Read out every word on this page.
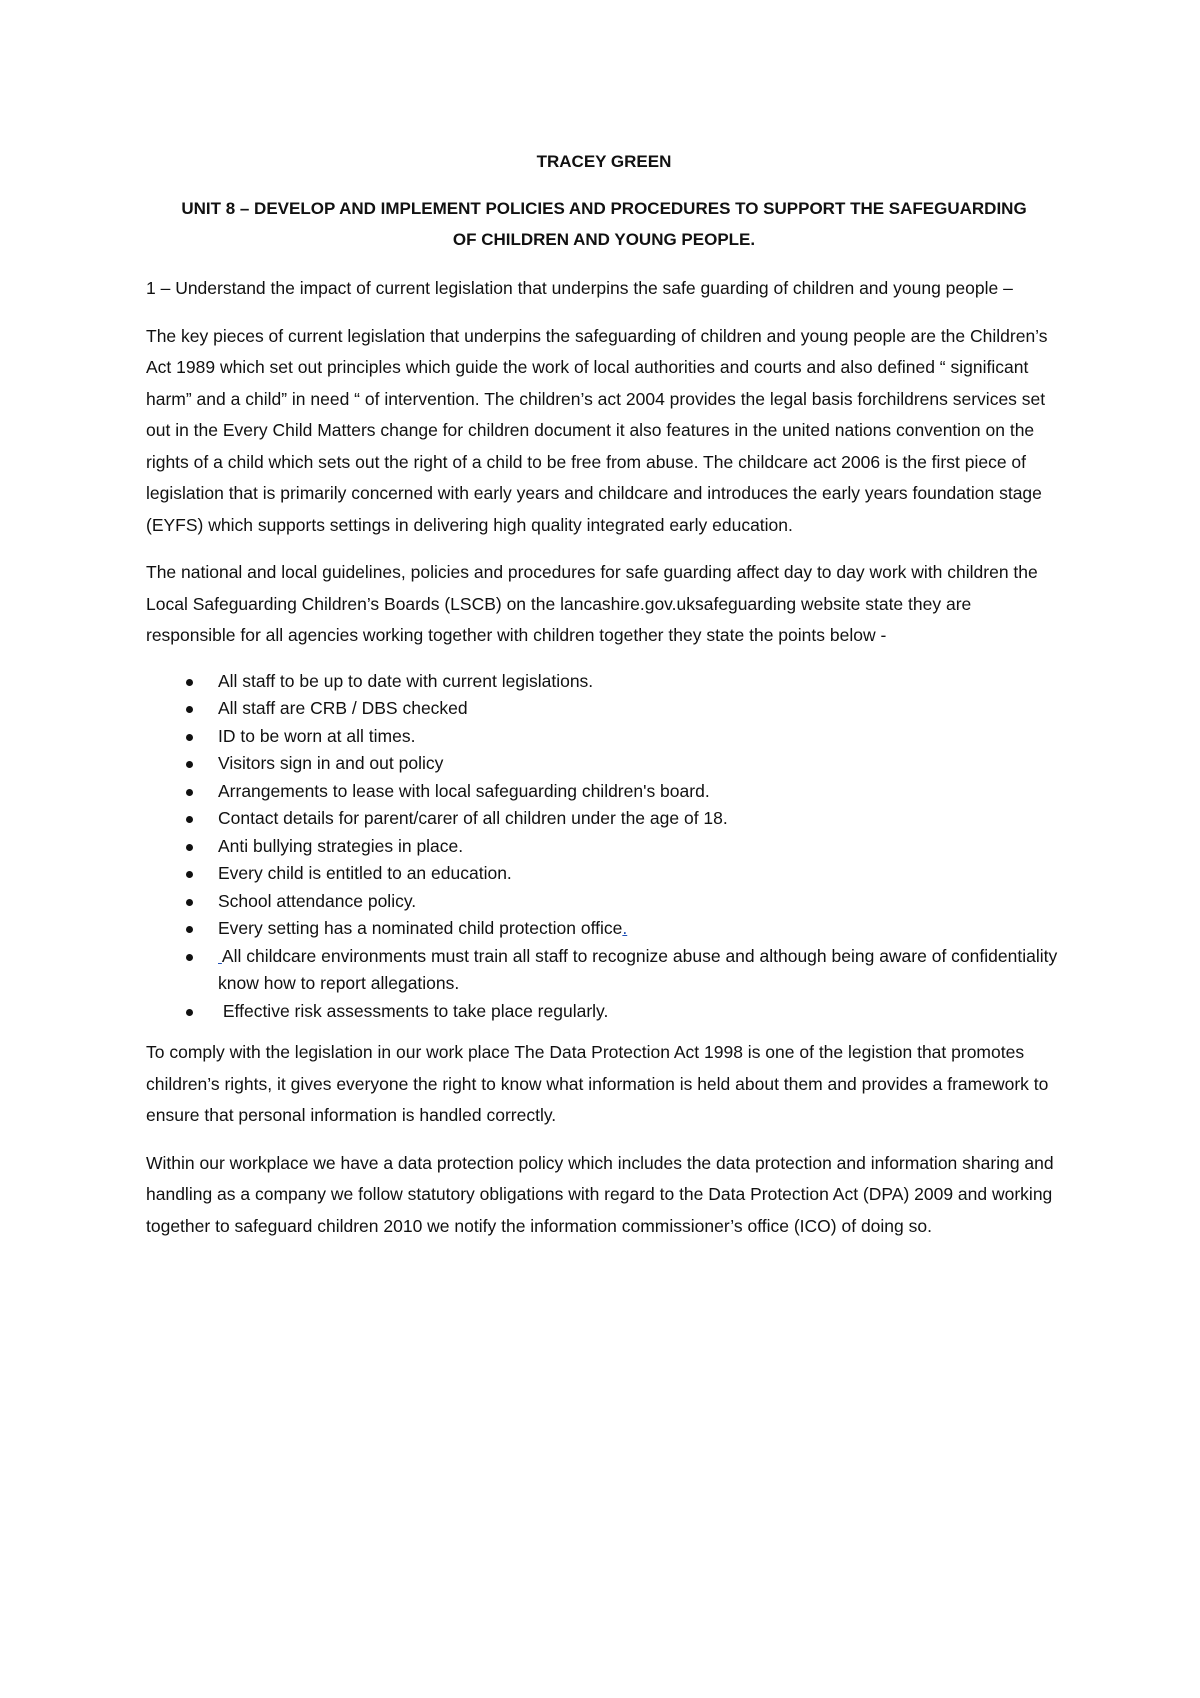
TRACEY GREEN

UNIT 8 – DEVELOP AND IMPLEMENT POLICIES AND PROCEDURES TO SUPPORT THE SAFEGUARDING

OF CHILDREN AND YOUNG PEOPLE.

1 – Understand the impact of current legislation that underpins the safe guarding of children and young people –

The key pieces of current legislation that underpins the safeguarding of children and young people are the Children’s Act 1989 which set out principles which guide the work of local authorities and courts and also defined “ significant harm” and a child” in need “ of intervention. The children’s act 2004 provides the legal basis forchildrens services set out in the Every Child Matters change for children document it also features in the united nations convention on the rights of a child which sets out the right of a child to be free from abuse. The childcare act 2006 is the first piece of legislation that is primarily concerned with early years and childcare and introduces the early years foundation stage (EYFS) which supports settings in delivering high quality integrated early education.

The national and local guidelines, policies and procedures for safe guarding affect day to day work with children the Local Safeguarding Children’s Boards (LSCB) on the lancashire.gov.uksafeguarding website state they are responsible for all agencies working together with children together they state the points below -

All staff to be up to date with current legislations.
All staff are CRB / DBS checked
ID to be worn at all times.
Visitors sign in and out policy
Arrangements to lease with local safeguarding children's board.
Contact details for parent/carer of all children under the age of 18.
Anti bullying strategies in place.
Every child is entitled to an education.
School attendance policy.
Every setting has a nominated child protection office.
All childcare environments must train all staff to recognize abuse and although being aware of confidentiality know how to report allegations.
Effective risk assessments to take place regularly.

To comply with the legislation in our work place The Data Protection Act 1998 is one of the legistion that promotes children’s rights, it gives everyone the right to know what information is held about them and provides a framework to ensure that personal information is handled correctly.

Within our workplace we have a data protection policy which includes the data protection and information sharing and handling as a company we follow statutory obligations with regard to the Data Protection Act (DPA) 2009 and working together to safeguard children 2010 we notify the information commissioner’s office (ICO) of doing so.
